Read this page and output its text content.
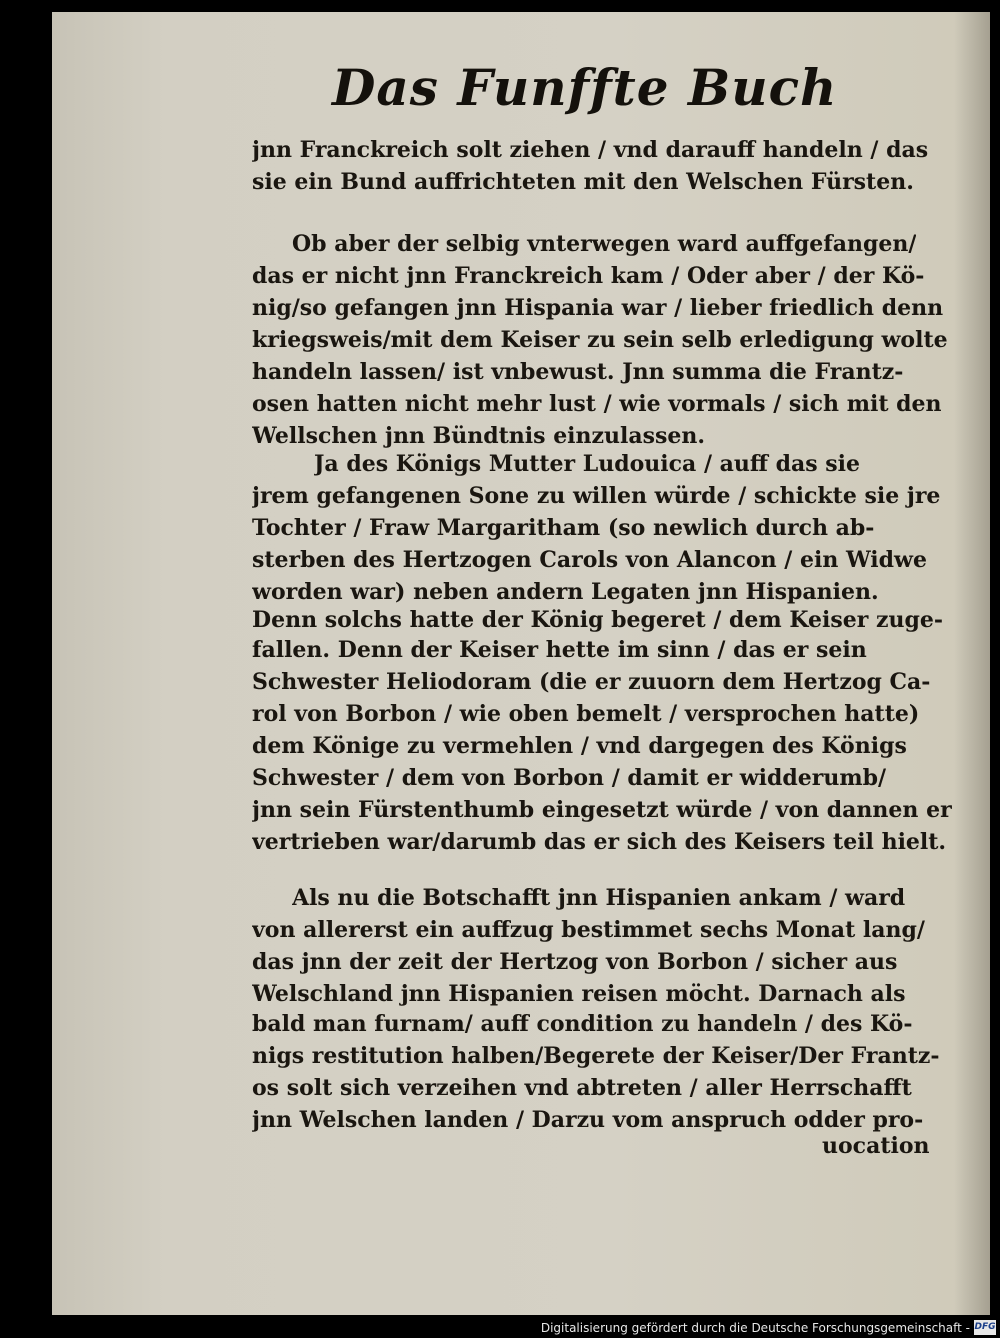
Das Funffte Buch
jnn Franckreich solt ziehen / vnd darauff handeln / das
sie ein Bund auffrichteten mit den Welschen Fürsten.
Ob aber der selbig vnterwegen ward auffgefangen/
das er nicht jnn Franckreich kam / Oder aber / der Kö-
nig/so gefangen jnn Hispania war / lieber friedlich denn
kriegsweis/mit dem Keiser zu sein selb erledigung wolte
handeln lassen/ ist vnbewust. Jnn summa die Frantz-
osen hatten nicht mehr lust / wie vormals / sich mit den
Wellschen jnn Bündtnis einzulassen.
Ja des Königs Mutter Ludouica / auff das sie
jrem gefangenen Sone zu willen würde / schickte sie jre
Tochter / Fraw Margaritham (so newlich durch ab-
sterben des Hertzogen Carols von Alancon / ein Widwe
worden war) neben andern Legaten jnn Hispanien.
Denn solchs hatte der König begeret / dem Keiser zuge-
fallen. Denn der Keiser hette im sinn / das er sein
Schwester Heliodoram (die er zuuorn dem Hertzog Ca-
rol von Borbon / wie oben bemelt / versprochen hatte)
dem Könige zu vermehlen / vnd dargegen des Königs
Schwester / dem von Borbon / damit er widderumb/
jnn sein Fürstenthumb eingesetzt würde / von dannen er
vertrieben war/darumb das er sich des Keisers teil hielt.
Als nu die Botschafft jnn Hispanien ankam / ward
von allererst ein auffzug bestimmet sechs Monat lang/
das jnn der zeit der Hertzog von Borbon / sicher aus
Welschland jnn Hispanien reisen möcht. Darnach als
bald man furnam/ auff condition zu handeln / des Kö-
nigs restitution halben/Begerete der Keiser/Der Frantz-
os solt sich verzeihen vnd abtreten / aller Herrschafft
jnn Welschen landen / Darzu vom anspruch odder pro-
uocation
Digitalisierung gefördert durch die Deutsche Forschungsgemeinschaft - DFG
